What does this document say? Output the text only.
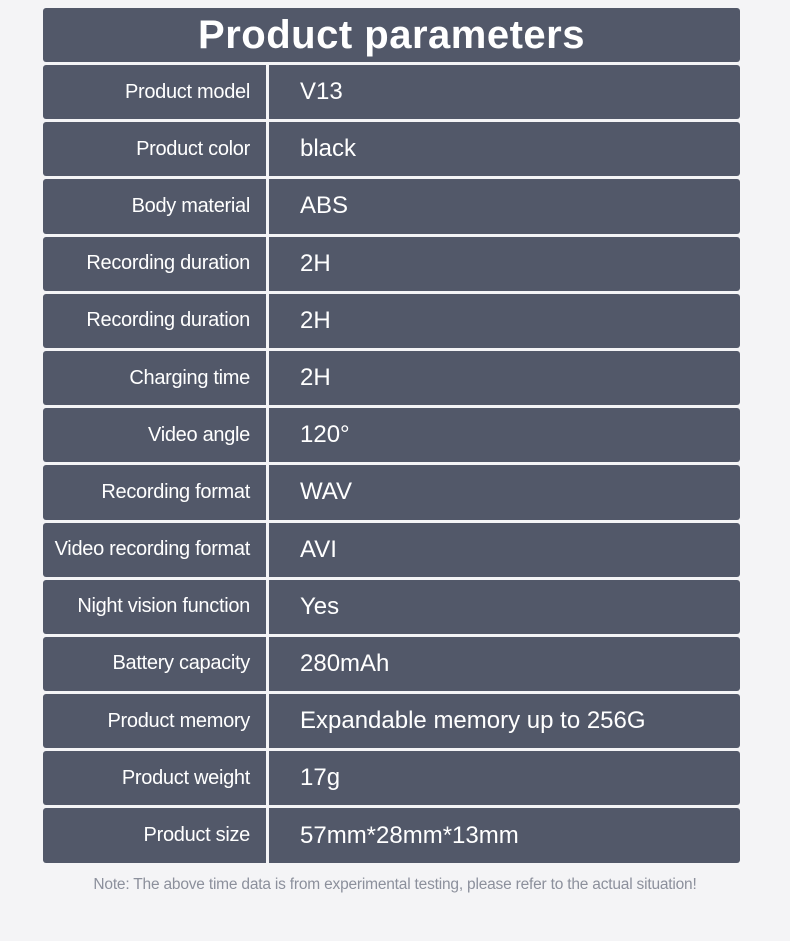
Product parameters
Product model	V13
Product color	black
Body material	ABS
Recording duration	2H
Recording duration	2H
Charging time	2H
Video angle	120°
Recording format	WAV
Video recording format	AVI
Night vision function	Yes
Battery capacity	280mAh
Product memory	Expandable memory up to 256G
Product weight	17g
Product size	57mm*28mm*13mm
Note: The above time data is from experimental testing, please refer to the actual situation!
